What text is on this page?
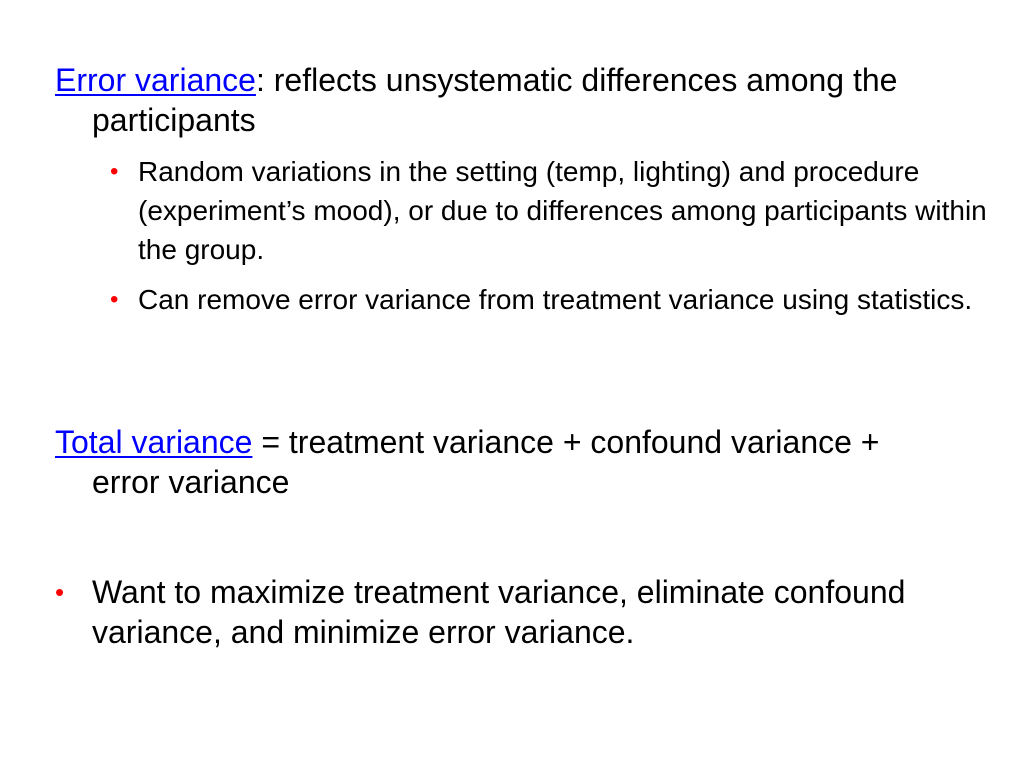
Error variance: reflects unsystematic differences among the participants

• Random variations in the setting (temp, lighting) and procedure (experiment’s mood), or due to differences among participants within the group.
• Can remove error variance from treatment variance using statistics.

Total variance = treatment variance + confound variance + error variance

• Want to maximize treatment variance, eliminate confound variance, and minimize error variance.
